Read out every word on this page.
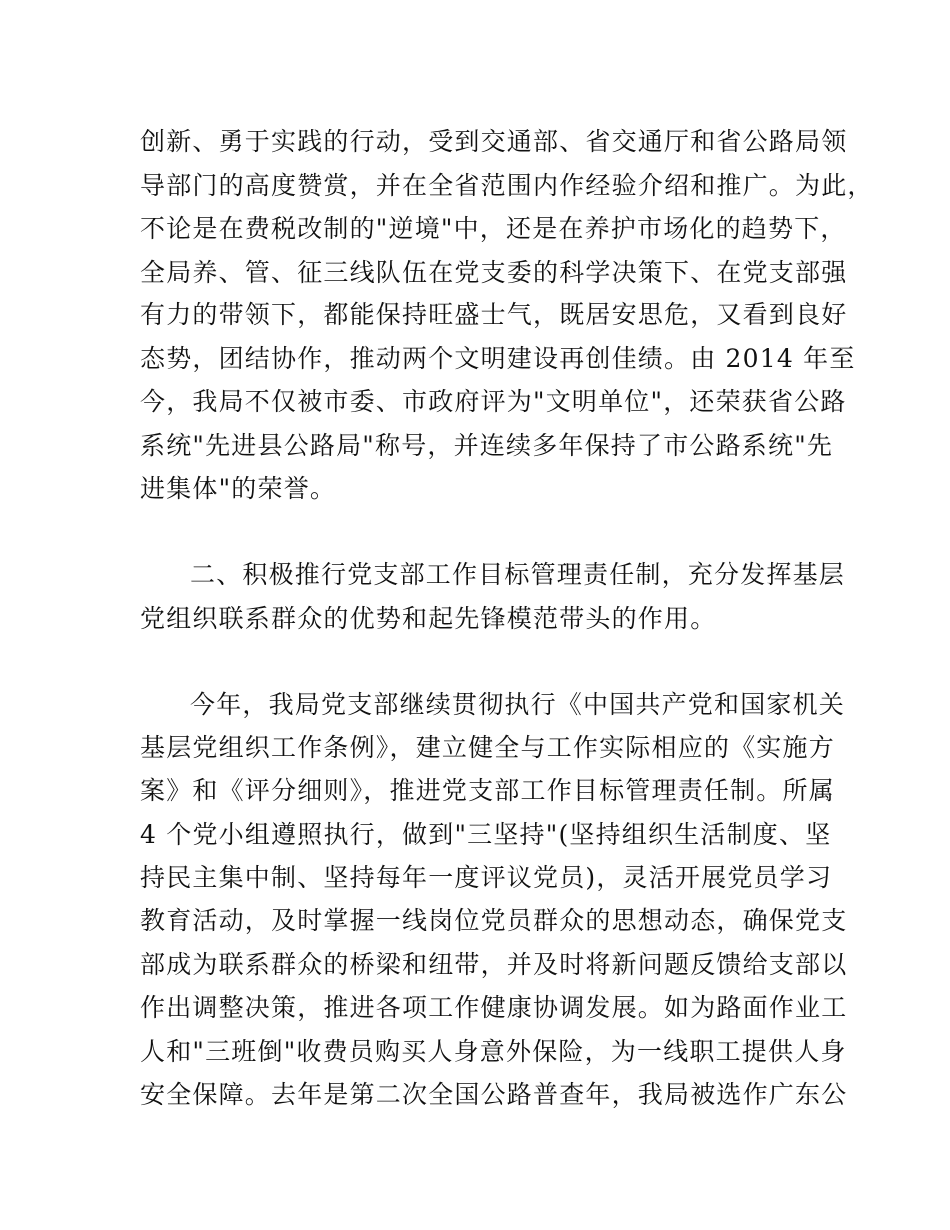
创新、勇于实践的行动，受到交通部、省交通厅和省公路局领
导部门的高度赞赏，并在全省范围内作经验介绍和推广。为此，
不论是在费税改制的"逆境"中，还是在养护市场化的趋势下，
全局养、管、征三线队伍在党支委的科学决策下、在党支部强
有力的带领下，都能保持旺盛士气，既居安思危，又看到良好
态势，团结协作，推动两个文明建设再创佳绩。由 2014 年至
今，我局不仅被市委、市政府评为"文明单位"，还荣获省公路
系统"先进县公路局"称号，并连续多年保持了市公路系统"先
进集体"的荣誉。
二、积极推行党支部工作目标管理责任制，充分发挥基层
党组织联系群众的优势和起先锋模范带头的作用。
今年，我局党支部继续贯彻执行《中国共产党和国家机关
基层党组织工作条例》，建立健全与工作实际相应的《实施方
案》和《评分细则》，推进党支部工作目标管理责任制。所属
4 个党小组遵照执行，做到"三坚持"(坚持组织生活制度、坚
持民主集中制、坚持每年一度评议党员)，灵活开展党员学习
教育活动，及时掌握一线岗位党员群众的思想动态，确保党支
部成为联系群众的桥梁和纽带，并及时将新问题反馈给支部以
作出调整决策，推进各项工作健康协调发展。如为路面作业工
人和"三班倒"收费员购买人身意外保险，为一线职工提供人身
安全保障。去年是第二次全国公路普查年，我局被选作广东公
